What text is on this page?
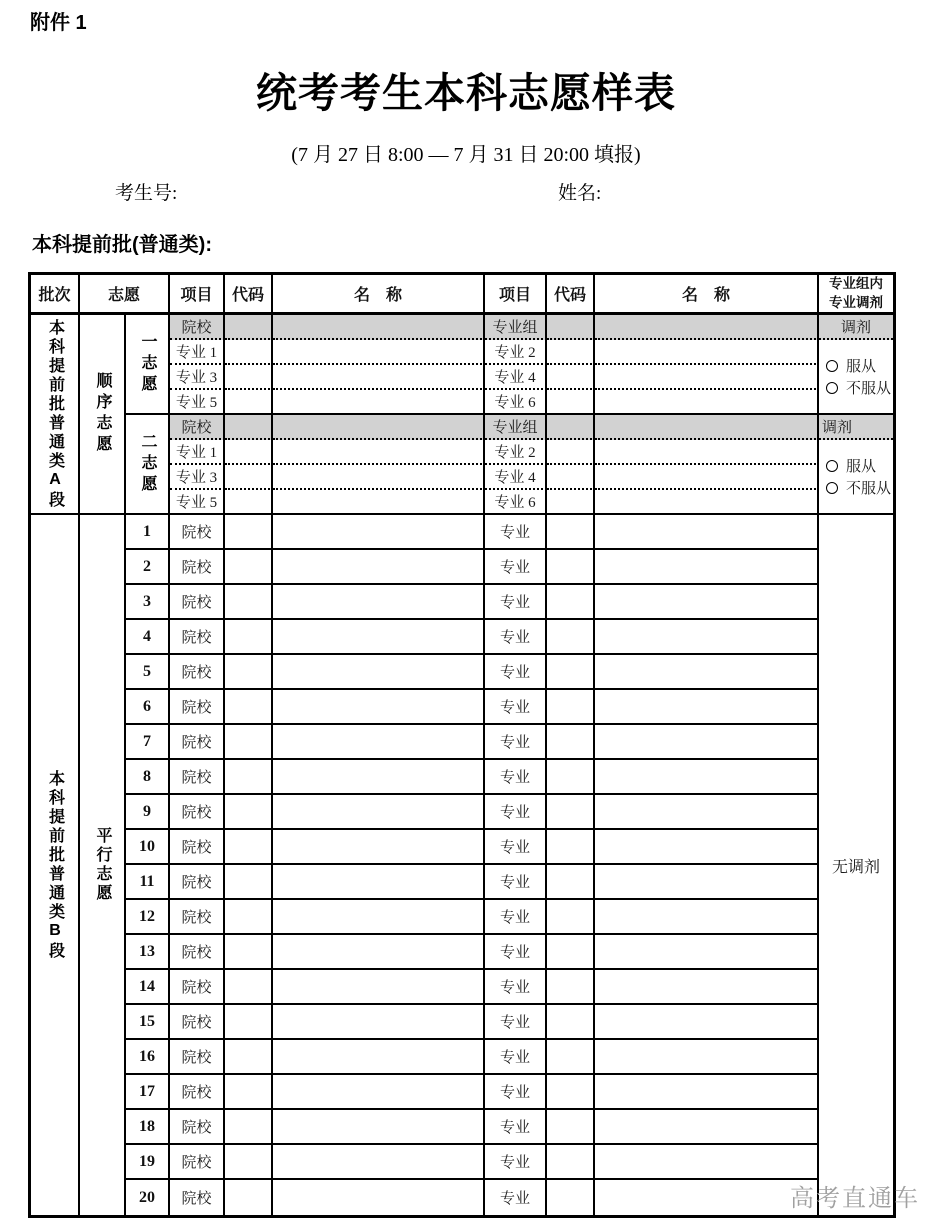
附件 1
统考考生本科志愿样表
(7 月 27 日 8:00 — 7 月 31 日 20:00 填报)
考生号:	姓名:
本科提前批(普通类):
批次	志愿		项目	代码	名　称	项目	代码	名　称	专业组内
专业调剂

本科提前批普通类A段	顺序志愿	一志愿	院校			专业组			调剂
			专业 1			专业 2			服从
不服从

			专业 3			专业 4			
			专业 5			专业 6			

		二志愿	院校			专业组			调剂
			专业 1			专业 2			服从
不服从

			专业 3			专业 4			
			专业 5			专业 6			

本科提前批普通类B段	平行志愿	1	院校			专业			无调剂
		2	院校			专业			
		3	院校			专业			
		4	院校			专业			
		5	院校			专业			
		6	院校			专业			
		7	院校			专业			
		8	院校			专业			
		9	院校			专业			
		10	院校			专业			
		11	院校			专业			
		12	院校			专业			
		13	院校			专业			
		14	院校			专业			
		15	院校			专业			
		16	院校			专业			
		17	院校			专业			
		18	院校			专业			
		19	院校			专业			
		20	院校			专业				高考直通车
